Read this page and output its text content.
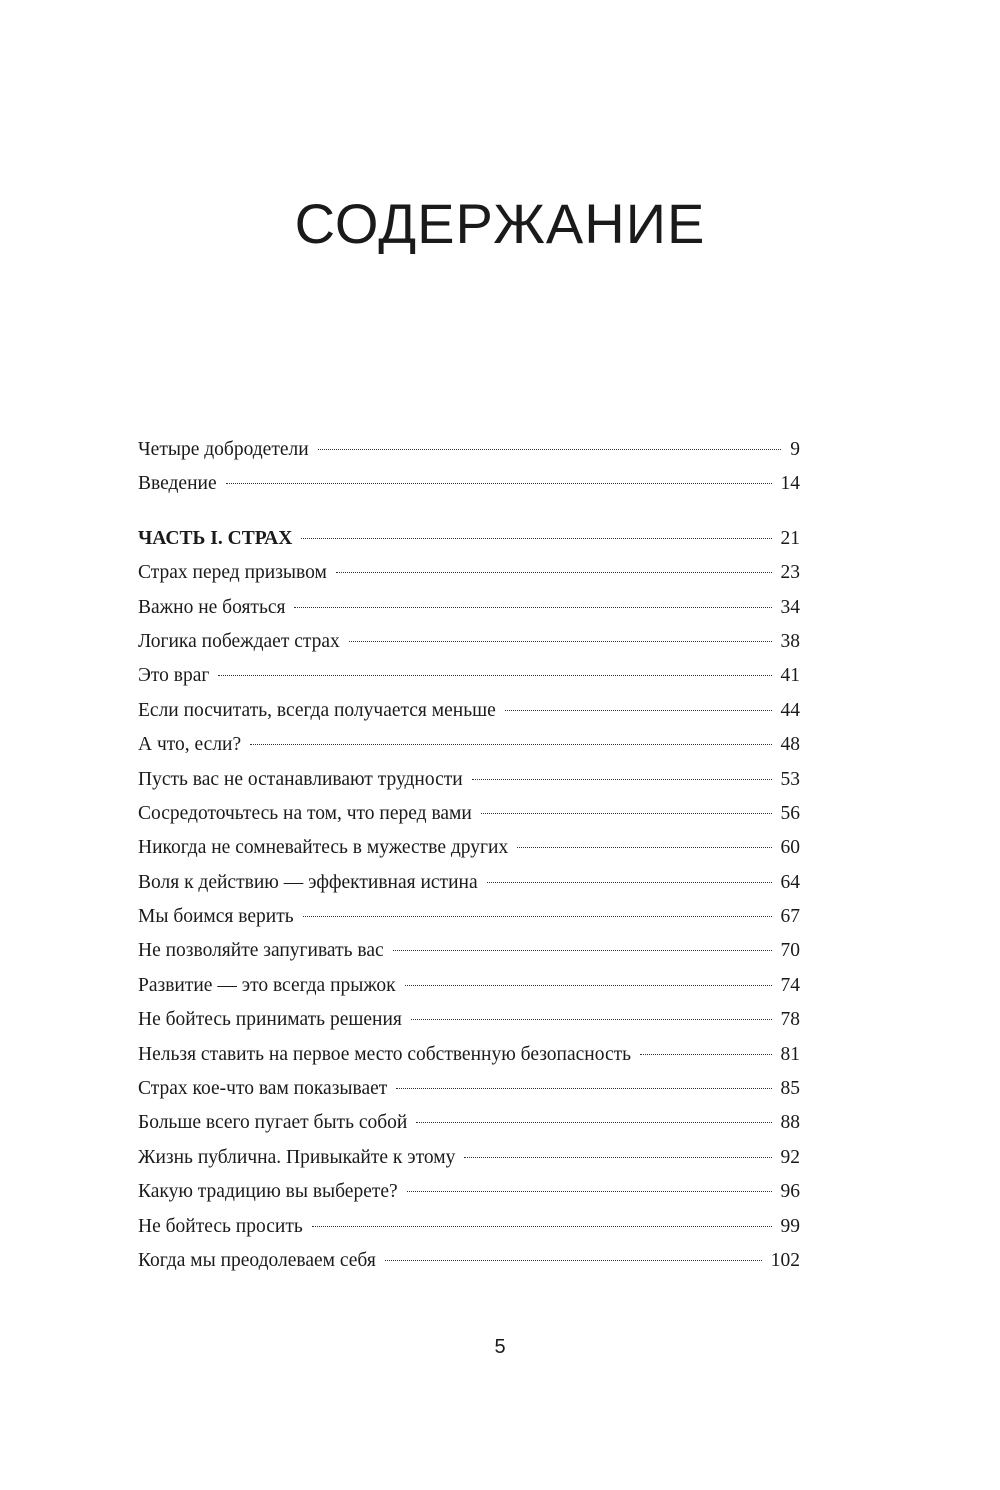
СОДЕРЖАНИЕ
Четыре добродетели	9
Введение	14
ЧАСТЬ I. СТРАХ	21
Страх перед призывом	23
Важно не бояться	34
Логика побеждает страх	38
Это враг	41
Если посчитать, всегда получается меньше	44
А что, если?	48
Пусть вас не останавливают трудности	53
Сосредоточьтесь на том, что перед вами	56
Никогда не сомневайтесь в мужестве других	60
Воля к действию — эффективная истина	64
Мы боимся верить	67
Не позволяйте запугивать вас	70
Развитие — это всегда прыжок	74
Не бойтесь принимать решения	78
Нельзя ставить на первое место собственную безопасность	81
Страх кое-что вам показывает	85
Больше всего пугает быть собой	88
Жизнь публична. Привыкайте к этому	92
Какую традицию вы выберете?	96
Не бойтесь просить	99
Когда мы преодолеваем себя	102
5
